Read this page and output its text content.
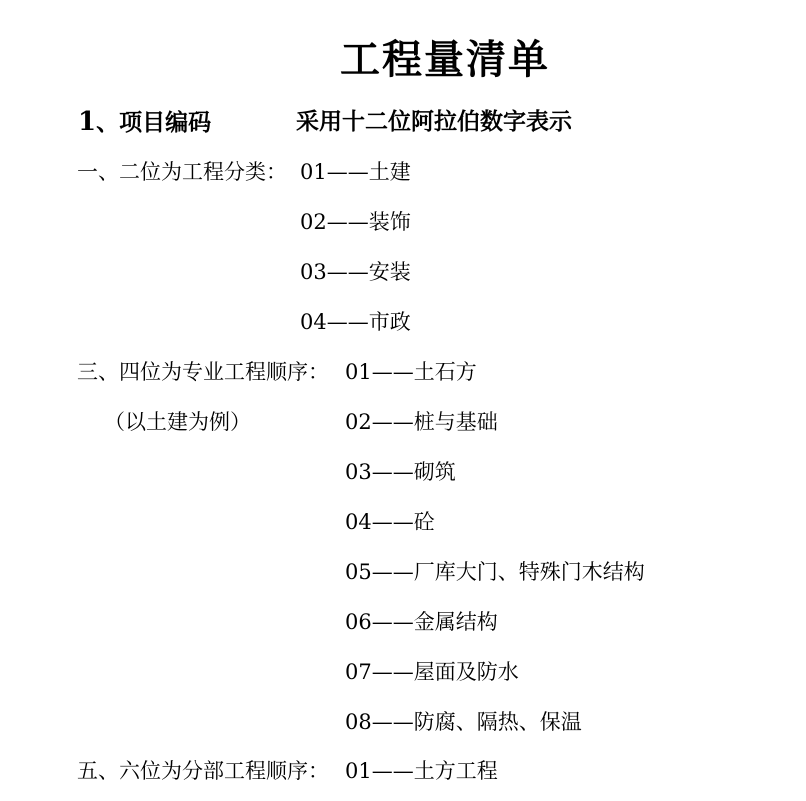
工程量清单
1、项目编码	采用十二位阿拉伯数字表示
一、二位为工程分类： 01——土建
02——装饰
03——安装
04——市政
三、四位为专业工程顺序： 01——土石方
（以土建为例）	02——桩与基础
03——砌筑
04——砼
05——厂库大门、特殊门木结构
06——金属结构
07——屋面及防水
08——防腐、隔热、保温
五、六位为分部工程顺序： 01——土方工程
